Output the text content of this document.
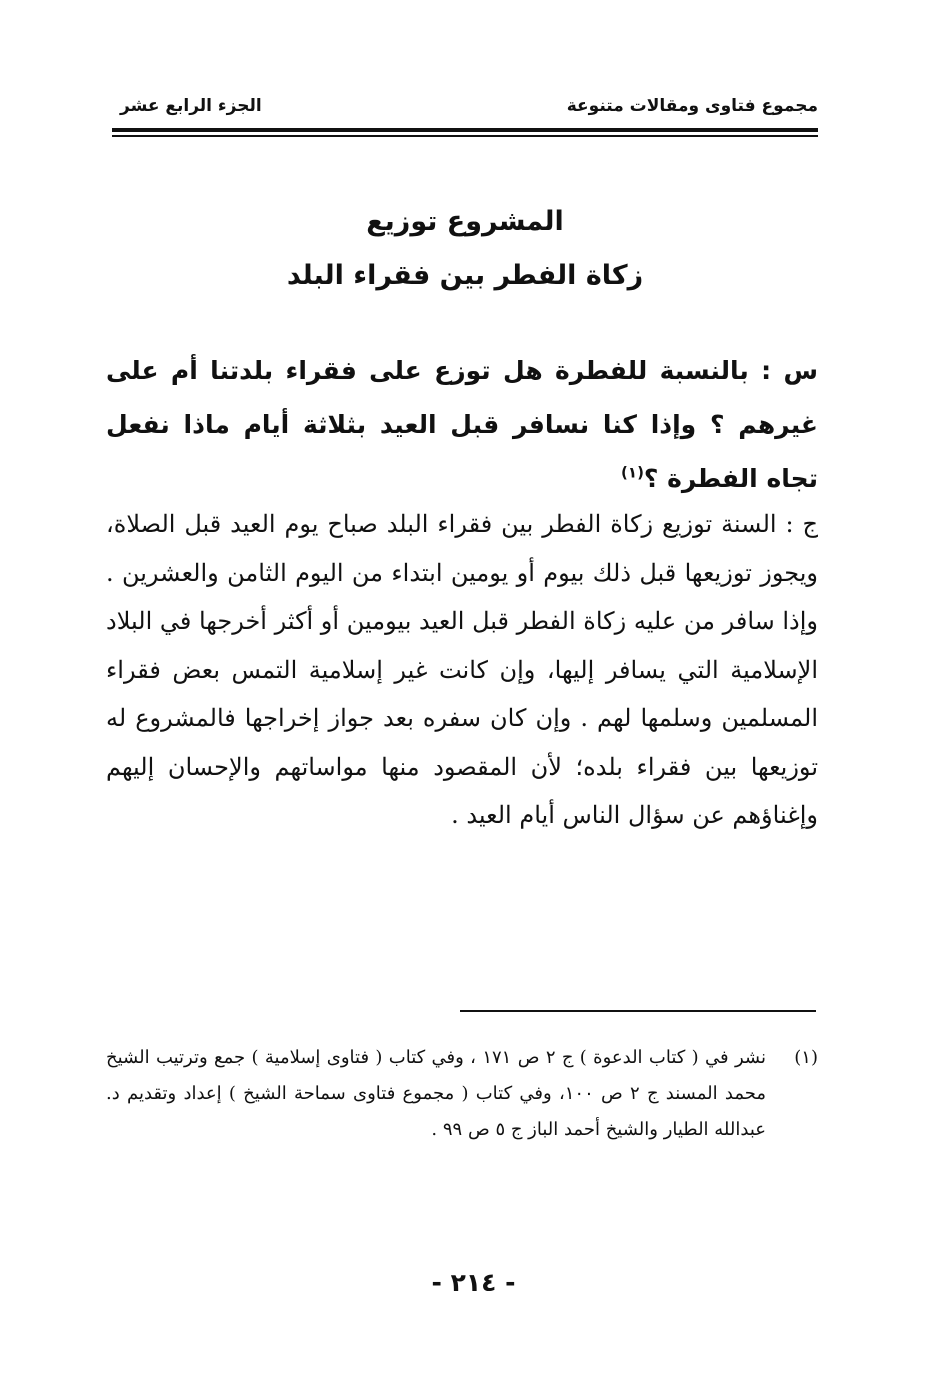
مجموع فتاوى ومقالات متنوعة
الجزء الرابع عشر
المشروع توزيع
زكاة الفطر بين فقراء البلد
س : بالنسبة للفطرة هل توزع على فقراء بلدتنا أم على غيرهم ؟ وإذا كنا نسافر قبل العيد بثلاثة أيام ماذا نفعل تجاه الفطرة ؟$^{(١)}$
ج : السنة توزيع زكاة الفطر بين فقراء البلد صباح يوم العيد قبل الصلاة، ويجوز توزيعها قبل ذلك بيوم أو يومين ابتداء من اليوم الثامن والعشرين . وإذا سافر من عليه زكاة الفطر قبل العيد بيومين أو أكثر أخرجها في البلاد الإسلامية التي يسافر إليها، وإن كانت غير إسلامية التمس بعض فقراء المسلمين وسلمها لهم . وإن كان سفره بعد جواز إخراجها فالمشروع له توزيعها بين فقراء بلده؛ لأن المقصود منها مواساتهم والإحسان إليهم وإغناؤهم عن سؤال الناس أيام العيد .
(١)
نشر في ( كتاب الدعوة ) ج ٢ ص ١٧١ ، وفي كتاب ( فتاوى إسلامية ) جمع وترتيب الشيخ محمد المسند ج ٢ ص ١٠٠، وفي كتاب ( مجموع فتاوى سماحة الشيخ ) إعداد وتقديم د. عبدالله الطيار والشيخ أحمد الباز ج ٥ ص ٩٩ .
- ٢١٤ -
